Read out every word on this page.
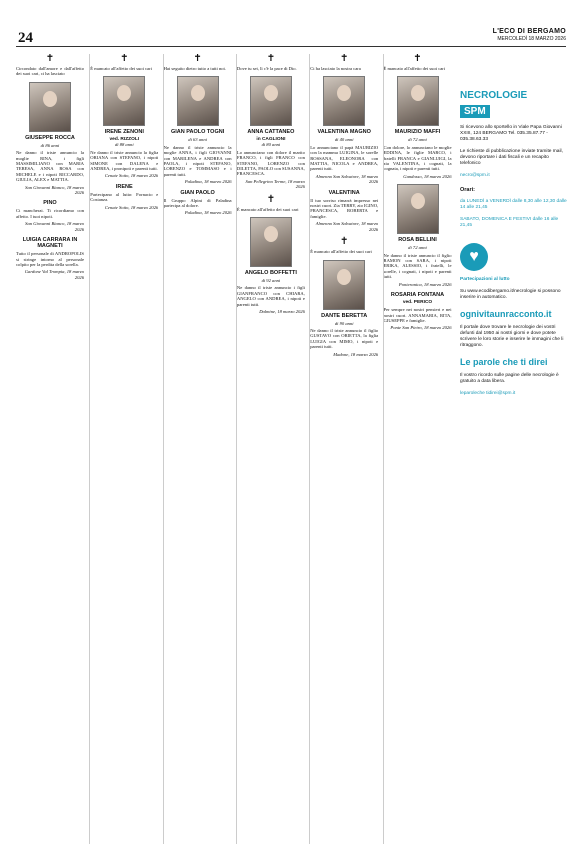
24	L'ECO DI BERGAMO
MERCOLEDÌ 18 MARZO 2026
✝
Circondato dall'amore e dall'affetto dei suoi cari, ci ha lasciato
GIUSEPPE ROCCA
di 86 anni
Ne danno il triste annuncio la moglie RINA, i figli MASSIMILIANO con MARIA TERESA, ANNA ROSA con MICHELE e i nipoti RICCARDO, GIULIA, ALEX e MATTIA.
San Giovanni Bianco, 18 marzo 2026
PINO
Ci mancherai. Ti ricordiamo con affetto. I tuoi nipoti.
San Giovanni Bianco, 18 marzo 2026
LUIGIA CARRARA IN MAGNETI
Tutto il personale di ANDROPOLIS si stringe intorno al personale colpito per la perdita della sorella.
Gardone Val Trompia, 18 marzo 2026
✝
È mancato all'affetto dei suoi cari
IRENE ZENONI
ved. RIZZOLI
di 88 anni
Ne danno il triste annuncio la figlia ORIANA con STEFANO, i nipoti SIMONE con DALENA e ANDREA, i pronipoti e parenti tutti.
Cenate Sotto, 18 marzo 2026
IRENE
Partecipano al lutto: Fornacio e Costanza.
Cenate Sotto, 18 marzo 2026
✝
Hai seguito dietro tutto a tutti noi.
GIAN PAOLO TOGNI
di 63 anni
Ne danno il triste annuncio la moglie ANNA, i figli GIOVANNI con MARILENA e ANDREA con PAOLA, i nipoti STEFANO, LORENZO e TOMMASO e i parenti tutti.
Paladina, 18 marzo 2026
GIAN PAOLO
Il Gruppo Alpini di Paladina partecipa al dolore.
Paladina, 18 marzo 2026
✝
Dove tu sei, lì c'è la pace di Dio.
ANNA CATTANEO
in CAGLIONI
di 80 anni
Lo annunciano con dolore il marito FRANCO, i figli FRANCO con STEFANO, LORENZO con DILETTA, PAOLO con SUSANNA, FRANCESCA.
San Pellegrino Terme, 18 marzo 2026
✝
È mancato all'affetto dei suoi cari
ANGELO BOFFETTI
di 92 anni
Ne danno il triste annuncio i figli GIANFRANCO con CHIARA, ANGELO con ANDREA, i nipoti e parenti tutti.
Dalmine, 18 marzo 2026
✝
Ci ha lasciato la nostra cara
VALENTINA MAGNO
di 40 anni
Lo annunciano il papà MAURIZIO con la mamma LUIGINA, le sorelle ROSSANA, ELEONORA con MATTIA, NICOLA e ANDREA, parenti tutti.
Almenno San Salvatore, 18 marzo 2026
VALENTINA
Il tuo sorriso rimarrà impresso nei nostri cuori. Zia TERRY, zio IGINO, FRANCESCA, ROBERTA e famiglie.
Almenno San Salvatore, 18 marzo 2026
✝
È mancato all'affetto dei suoi cari
DANTE BERETTA
di 90 anni
Ne danno il triste annuncio il figlio GUSTAVO con ORIETTA, la figlia LUIGIA con MIMO, i nipoti e parenti tutti.
Madone, 18 marzo 2026
✝
È mancato all'affetto dei suoi cari
MAURIZIO MAFFI
di 72 anni
Con dolore, lo annunciano le moglie EDDINA, le figlie MARCO, i fratelli FRANCA e GIANLUIGI, la zia VALENTINA, i cognati, la cognata, i nipoti e parenti tutti.
Gandosso, 18 marzo 2026
ROSA BELLINI
di 72 anni
Ne danno il triste annuncio il figlio RAMON con SARA, i nipoti ERIKA, ALESSIO, i fratelli, le sorelle, i cognati, i nipoti e parenti tutti.
Ponteranica, 18 marzo 2026
ROSARIA FONTANA
ved. PERICO
Per sempre nei nostri pensieri e nei nostri cuori. ANNAMARIA, RITA, GIUSEPPE e famiglie.
Ponte San Pietro, 18 marzo 2026
NECROLOGIE
SPM
Si ricevono allo sportello in Viale Papa Giovanni XXIII, 124 BERGAMO Tel. 035.35.87.77 - 035.38.63.33
Le richieste di pubblicazione inviate tramite mail, devono riportare i dati fiscali e un recapito telefonico
necro@spm.it
Orari:
da LUNEDÌ a VENERDÌ dalle 8,30 alle 12,30 dalle 14 alle 21,45
SABATO, DOMENICA E FESTIVI dalle 16 alle 21,45
♥
Partecipazioni al lutto
Su www.ecodibergamo.it/necrologie si possono inserire in automatico.
ognivitaunracconto.it
Il portale dove trovare le necrologie dei vostri defunti dal 1950 ai nostri giorni e dove potete scrivere le loro storie e inserire le immagini che li ritraggono.
Le parole che ti direi
Il vostro ricordo sulle pagine delle necrologie è gratuito a data libera.
leparoleche tidirei@spm.it
